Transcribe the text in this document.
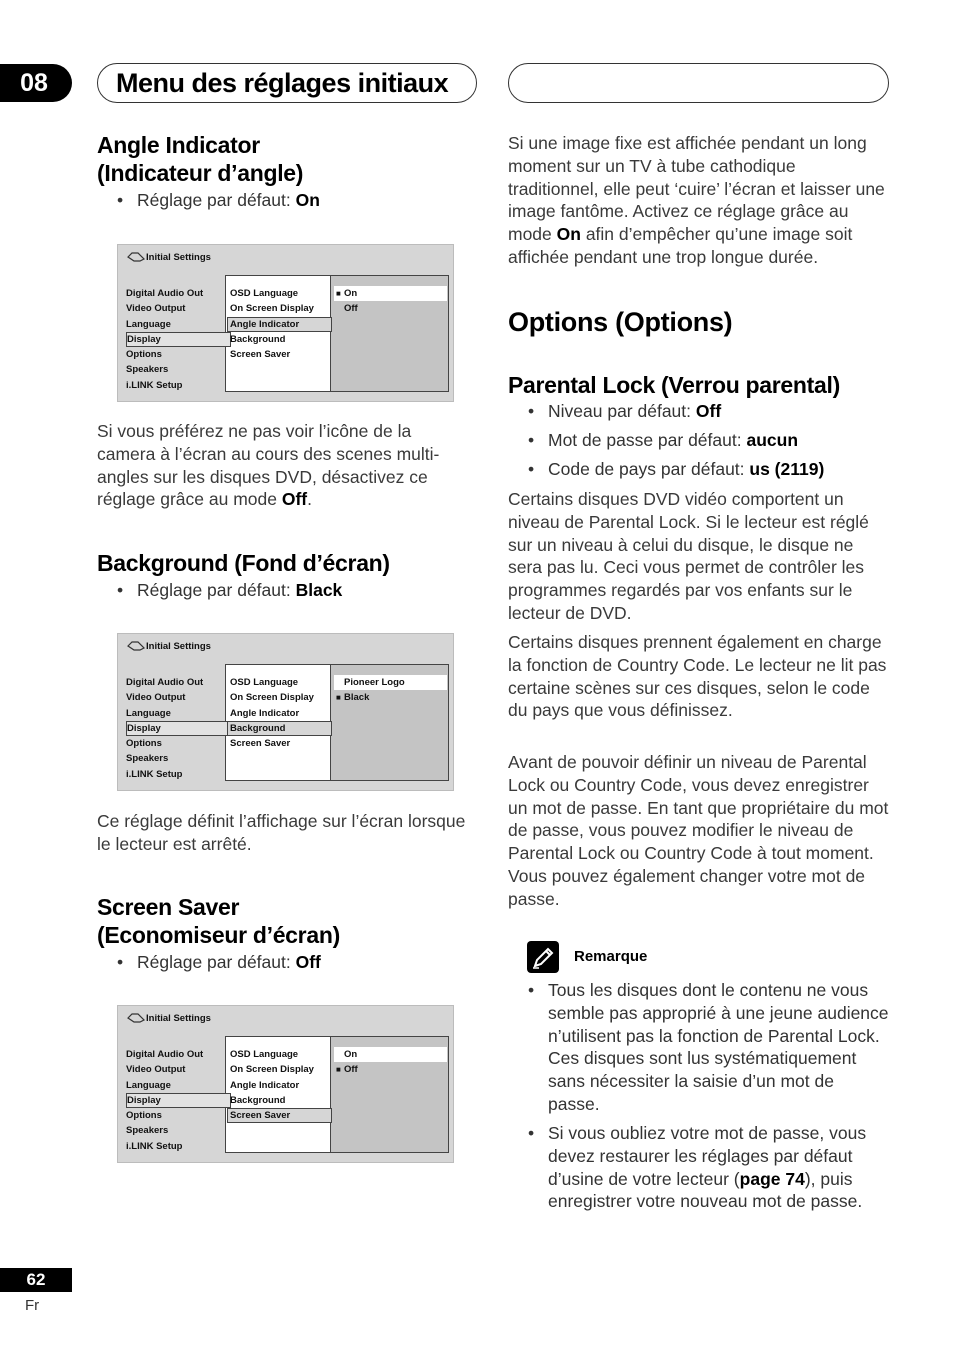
08	Menu des réglages initiaux
Angle Indicator
(Indicateur d’angle)
• Réglage par défaut: On
Initial Settings
Digital Audio Out
Video Output
Language
Display
Options
Speakers
i.LINK Setup
OSD Language
On Screen Display
Angle Indicator
Background
Screen Saver
■ On
Off
Si vous préférez ne pas voir l’icône de la camera à l’écran au cours des scenes multi-angles sur les disques DVD, désactivez ce réglage grâce au mode Off.
Background (Fond d’écran)
• Réglage par défaut: Black
Initial Settings
Digital Audio Out
Video Output
Language
Display
Options
Speakers
i.LINK Setup
OSD Language
On Screen Display
Angle Indicator
Background
Screen Saver
Pioneer Logo
■ Black
Ce réglage définit l’affichage sur l’écran lorsque le lecteur est arrêté.
Screen Saver
(Economiseur d’écran)
• Réglage par défaut: Off
Initial Settings
Digital Audio Out
Video Output
Language
Display
Options
Speakers
i.LINK Setup
OSD Language
On Screen Display
Angle Indicator
Background
Screen Saver
On
■ Off
Si une image fixe est affichée pendant un long moment sur un TV à tube cathodique traditionnel, elle peut ‘cuire’ l’écran et laisser une image fantôme. Activez ce réglage grâce au mode On afin d’empêcher qu’une image soit affichée pendant une trop longue durée.
Options (Options)
Parental Lock (Verrou parental)
• Niveau par défaut: Off
• Mot de passe par défaut: aucun
• Code de pays par défaut: us (2119)
Certains disques DVD vidéo comportent un niveau de Parental Lock. Si le lecteur est réglé sur un niveau à celui du disque, le disque ne sera pas lu. Ceci vous permet de contrôler les programmes regardés par vos enfants sur le lecteur de DVD.
Certains disques prennent également en charge la fonction de Country Code. Le lecteur ne lit pas certaine scènes sur ces disques, selon le code du pays que vous définissez.
Avant de pouvoir définir un niveau de Parental Lock ou Country Code, vous devez enregistrer un mot de passe. En tant que propriétaire du mot de passe, vous pouvez modifier le niveau de Parental Lock ou Country Code à tout moment. Vous pouvez également changer votre mot de passe.
Remarque
• Tous les disques dont le contenu ne vous semble pas approprié à une jeune audience n’utilisent pas la fonction de Parental Lock. Ces disques sont lus systématiquement sans nécessiter la saisie d’un mot de passe.
• Si vous oubliez votre mot de passe, vous devez restaurer les réglages par défaut d’usine de votre lecteur (page 74), puis enregistrer votre nouveau mot de passe.
62
Fr
